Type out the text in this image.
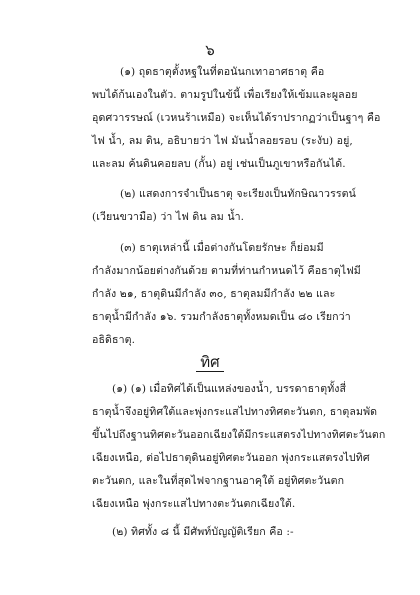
๖
(๑) ถุดธาตุตั้งหฐในที่ตอนันกเทาอาศธาตุ คือ
พบได้ก้นเองในตัว. ตามรูปในข้นี้ เพื่อเรียงให้เข้มและผูลอย
อุดศวารรษณ์ (เวหนร้าเหมือ) จะเห็นได้ราปรากฏว่าเป็นฐาๆ คือ
ไฟ น้ำ, ลม ดิน, อธิบายว่า ไฟ มันน้ำลอยรอบ (ระงับ) อยู่,
และลม ค้นดินคอยลบ (กั้น) อยู่ เช่นเป็นภูเขาหรือกันได้.
(๒) แสดงการจำเป็นธาตุ จะเรียงเป็นทักษิณาวรรตน์
(เวียนขวามือ) ว่า ไฟ ดิน ลม น้ำ.
(๓) ธาตุเหล่านี้ เมื่อต่างกันโดยรักษะ ก็ย่อมมี
กำลังมากน้อยต่างกันด้วย ตามที่ท่านกำหนดไว้ คือธาตุไฟมี
กำลัง ๒๑, ธาตุดินมีกำลัง ๓๐, ธาตุลมมีกำลัง ๒๒ และ
ธาตุน้ำมีกำลัง ๑๖. รวมกำลังธาตุทั้งหมดเป็น ๘๐ เรียกว่า
อธิดิธาตุ.
ทิศ
(๑) (๑) เมื่อทิศได้เป็นแหล่งของน้ำ, บรรดาธาตุทั้งสี่
ธาตุน้ำจึงอยู่ทิศใต้และพุ่งกระแสไปทางทิศตะวันตก, ธาตุลมพัด
ขึ้นไปถึงฐานทิศตะวันออกเฉียงใต้มีกระแสตรงไปทางทิศตะวันตก
เฉียงเหนือ, ต่อไปธาตุดินอยู่ทิศตะวันออก พุ่งกระแสตรงไปทิศ
ตะวันตก, และในที่สุดไฟจากฐานอาคุใต้ อยู่ทิศตะวันตก
เฉียงเหนือ พุ่งกระแสไปทางตะวันตกเฉียงใต้.
(๒) ทิศทั้ง ๘ นี้ มีศัพท์บัญญัติเรียก คือ :-
